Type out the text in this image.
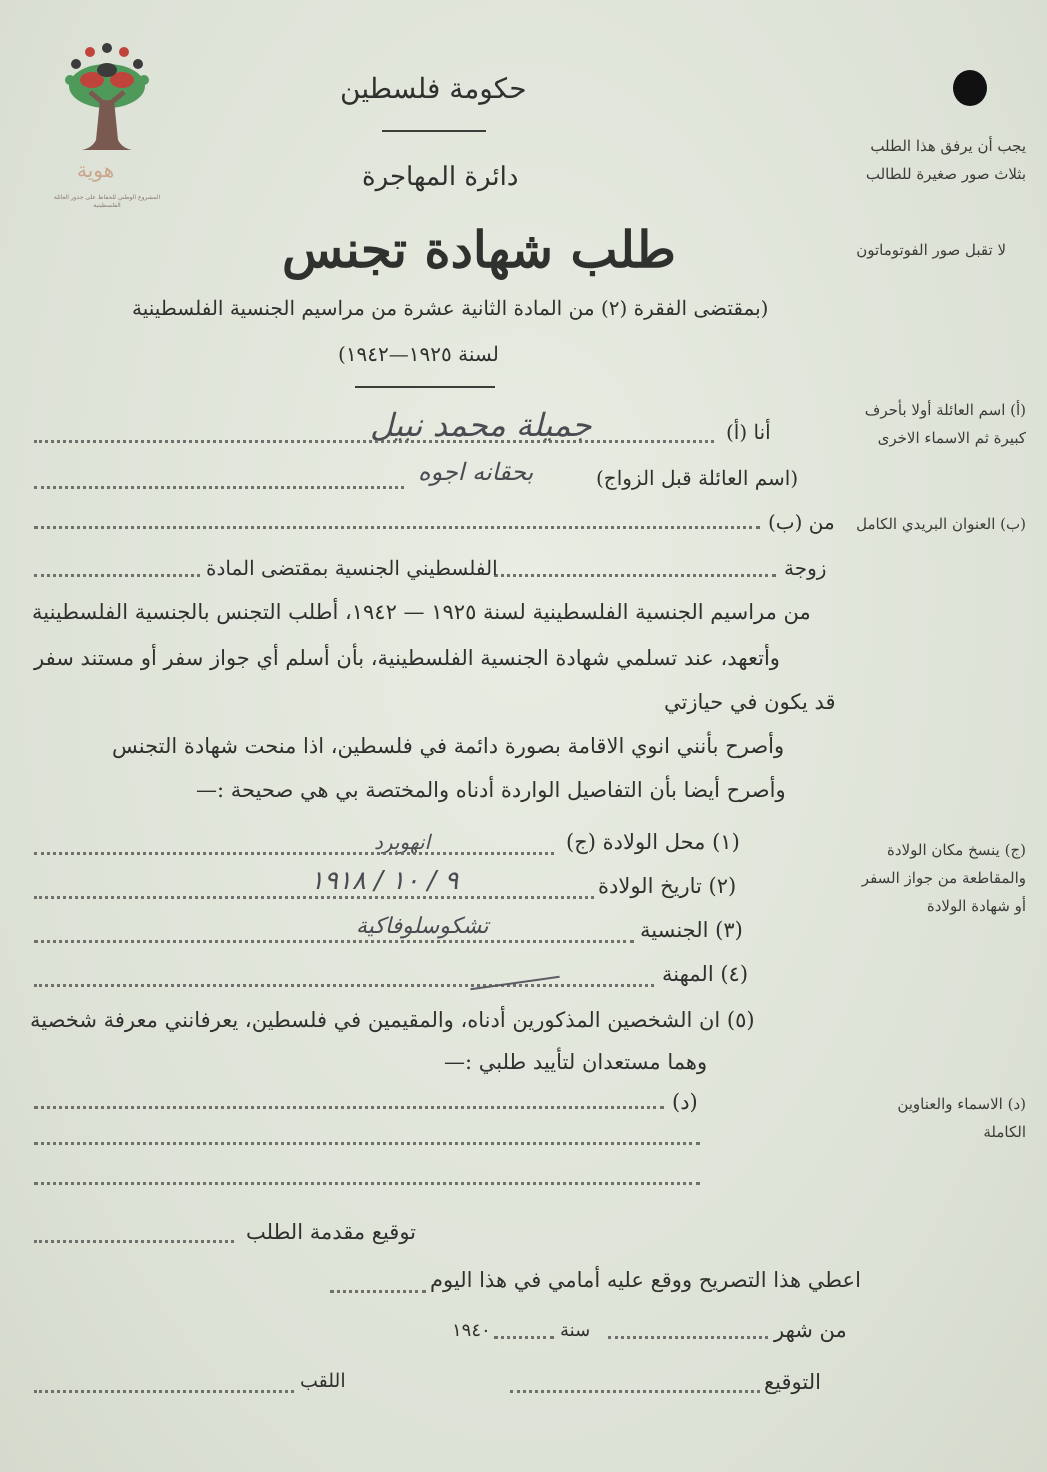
هوية
المشروع الوطني للحفاظ على جذور العائلة الفلسطينية
حكومة فلسطين
دائرة المهاجرة
طلب شهادة تجنس
(بمقتضى الفقرة (٢) من المادة الثانية عشرة من مراسيم الجنسية الفلسطينية
لسنة ١٩٢٥—١٩٤٢)
يجب أن يرفق هذا الطلب بثلاث صور صغيرة للطالب
لا تقبل صور الفوتوماتون
(أ) اسم العائلة أولا بأحرف كبيرة ثم الاسماء الاخرى
(ب) العنوان البريدي الكامل
(ج) ينسخ مكان الولادة والمقاطعة من جواز السفر أو شهادة الولادة
(د) الاسماء والعناوين الكاملة
أنا (أ)
جميلة محمد نبيل
(اسم العائلة قبل الزواج)
بحقانه اجوه
من (ب)
زوجة
الفلسطيني الجنسية بمقتضى المادة
من مراسيم الجنسية الفلسطينية لسنة ١٩٢٥ — ١٩٤٢، أطلب التجنس بالجنسية الفلسطينية
وأتعهد، عند تسلمي شهادة الجنسية الفلسطينية، بأن أسلم أي جواز سفر أو مستند سفر
قد يكون في حيازتي
وأصرح بأنني انوي الاقامة بصورة دائمة في فلسطين، اذا منحت شهادة التجنس
وأصرح أيضا بأن التفاصيل الواردة أدناه والمختصة بي هي صحيحة :—
(١) محل الولادة (ج)
انهوبرد
(٢) تاريخ الولادة
٩ / ١٠ / ١٩١٨
(٣) الجنسية
تشكوسلوفاكية
(٤) المهنة
(٥) ان الشخصين المذكورين أدناه، والمقيمين في فلسطين، يعرفانني معرفة شخصية
وهما مستعدان لتأييد طلبي :—
(د)
توقيع مقدمة الطلب
اعطي هذا التصريح ووقع عليه أمامي في هذا اليوم
من شهر
سنة
١٩٤٠
التوقيع
اللقب
